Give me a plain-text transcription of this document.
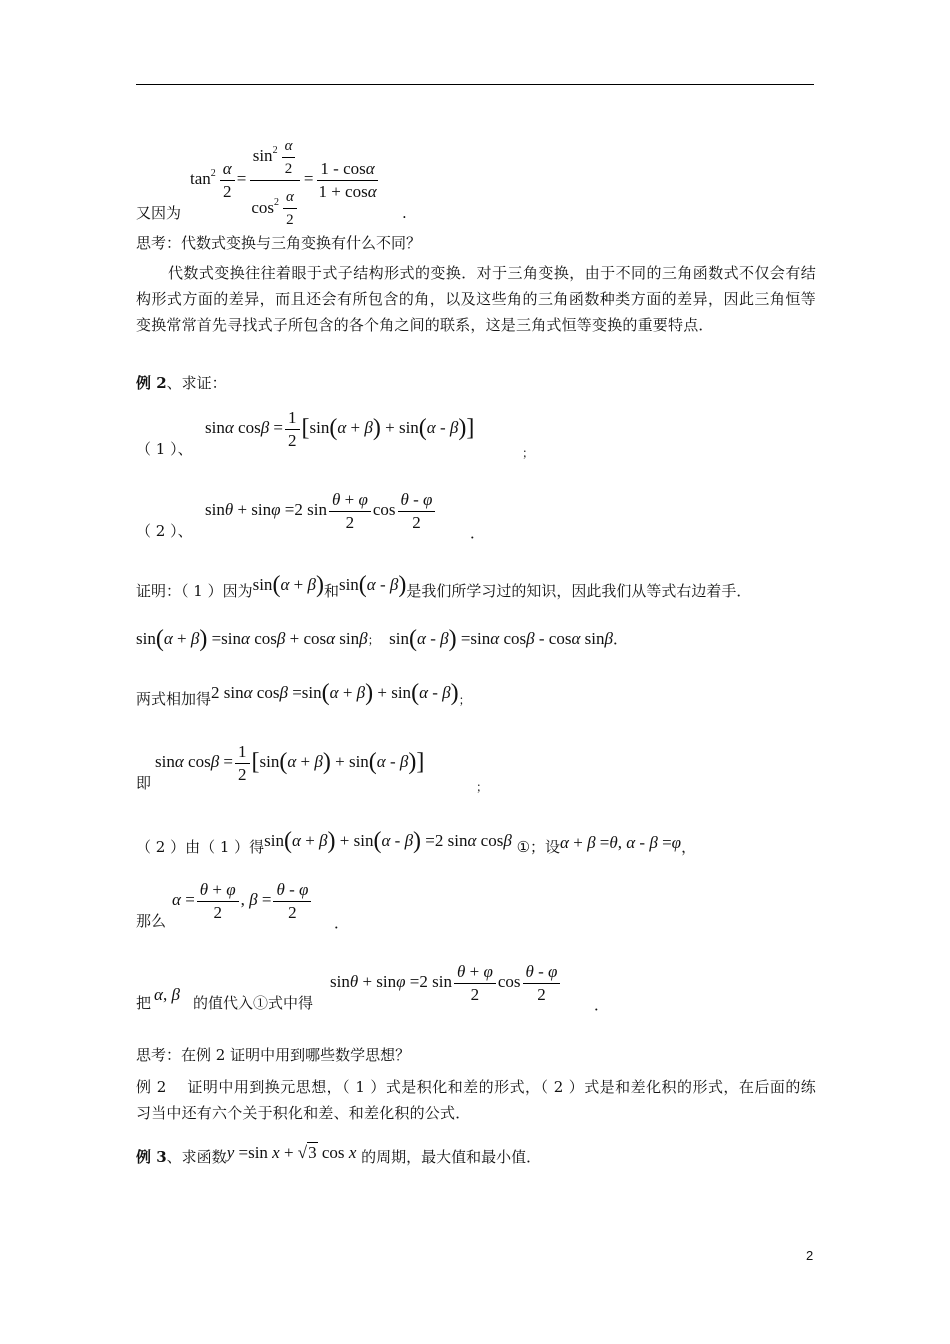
$\tan^2 \frac{\alpha}{2} = \frac{\sin^2 \frac{\alpha}{2}}{\cos^2 \frac{\alpha}{2}} = \frac{1 - \cos\alpha}{1 + \cos\alpha}$
又因为	.
思考：代数式变换与三角变换有什么不同？
代数式变换往往着眼于式子结构形式的变换．对于三角变换，由于不同的三角函数式不仅会有结构形式方面的差异，而且还会有所包含的角，以及这些角的三角函数种类方面的差异，因此三角恒等变换常常首先寻找式子所包含的各个角之间的联系，这是三角式恒等变换的重要特点．
例 2、求证：
（ 1 ）、
sinα $\cos\beta = \frac{1}{2} [\sin(\alpha + \beta) + \sin(\alpha - \beta)]$
；
（ 2 ）、
sinθ + sinφ =2 $\sin \frac{\theta + \varphi}{2}$ $\cos \frac{\theta - \varphi}{2}$ ．
证明：（ 1 ）因为sin(α + β)和sin(α - β)是我们所学习过的知识，因此我们从等式右边着手．
sin(α + β) =sinα cosβ + cosα sinβ； sin(α - β) =sinα cosβ - cosα sinβ．
两式相加得2 sinα cosβ =sin(α + β) + sin(α - β)；
即
sinα $\cos\beta = \frac{1}{2} [\sin(\alpha + \beta) + \sin(\alpha - \beta)]$
；
（ 2 ）由（ 1 ）得sin(α + β) + sin(α - β) =2 sinα cosβ ①；设α + β =θ, α - β =φ，
那么
$\alpha = \frac{\theta + \varphi}{2}$ , $\beta = \frac{\theta - \varphi}{2}$ ．
把 α, β 的值代入①式中得
sinθ + sinφ =2 $\sin \frac{\theta + \varphi}{2}$ $\cos \frac{\theta - \varphi}{2}$ ．
思考：在例 2 证明中用到哪些数学思想？
例 2　 证明中用到换元思想，（ 1 ）式是积化和差的形式，（ 2 ）式是和差化积的形式，在后面的练习当中还有六个关于积化和差、和差化积的公式．
例 3、求函数y =sin x + √3 cos x 的周期，最大值和最小值．
2
